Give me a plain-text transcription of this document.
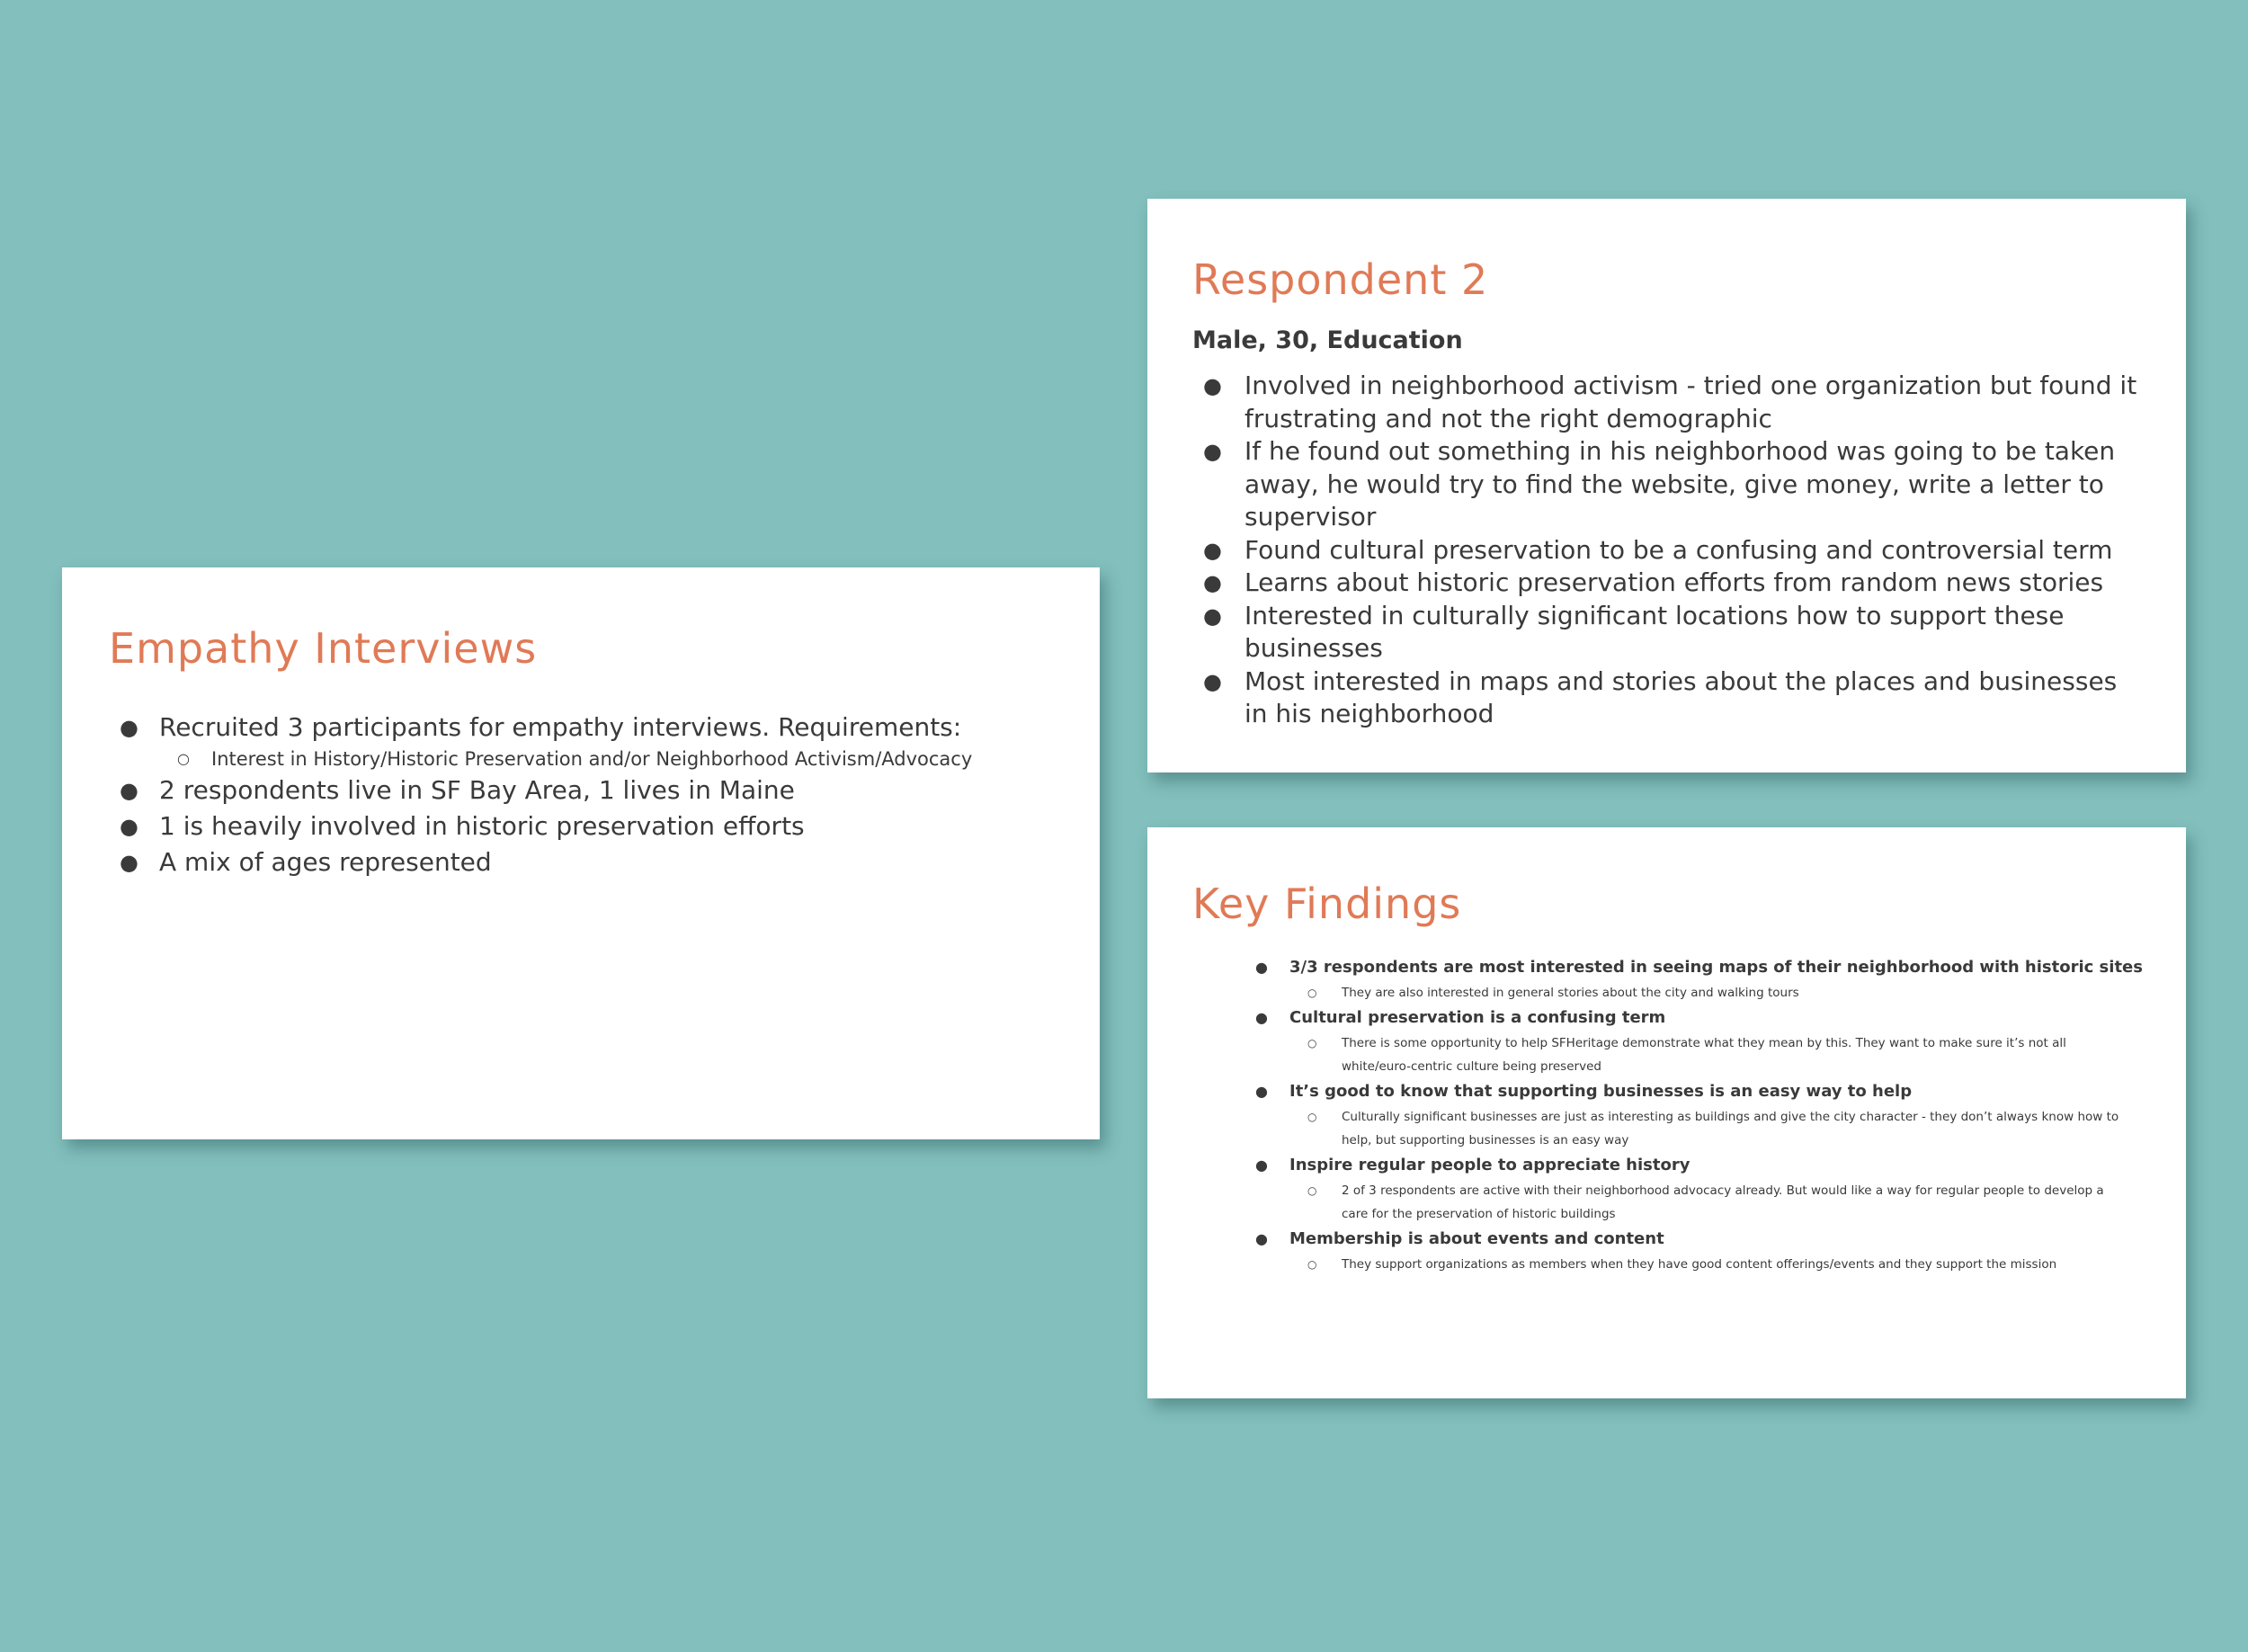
Empathy Interviews
● Recruited 3 participants for empathy interviews. Requirements:
○ Interest in History/Historic Preservation and/or Neighborhood Activism/Advocacy
● 2 respondents live in SF Bay Area, 1 lives in Maine
● 1 is heavily involved in historic preservation efforts
● A mix of ages represented
Respondent 2

Male, 30, Education

● Involved in neighborhood activism - tried one organization but found it frustrating and not the right demographic
● If he found out something in his neighborhood was going to be taken away, he would try to find the website, give money, write a letter to supervisor
● Found cultural preservation to be a confusing and controversial term
● Learns about historic preservation efforts from random news stories
● Interested in culturally significant locations how to support these businesses
● Most interested in maps and stories about the places and businesses in his neighborhood
Key Findings
● 3/3 respondents are most interested in seeing maps of their neighborhood with historic sites
○ They are also interested in general stories about the city and walking tours
● Cultural preservation is a confusing term
○ There is some opportunity to help SFHeritage demonstrate what they mean by this. They want to make sure it’s not all white/euro-centric culture being preserved
● It’s good to know that supporting businesses is an easy way to help
○ Culturally significant businesses are just as interesting as buildings and give the city character - they don’t always know how to help, but supporting businesses is an easy way
● Inspire regular people to appreciate history
○ 2 of 3 respondents are active with their neighborhood advocacy already. But would like a way for regular people to develop a care for the preservation of historic buildings
● Membership is about events and content
○ They support organizations as members when they have good content offerings/events and they support the mission
